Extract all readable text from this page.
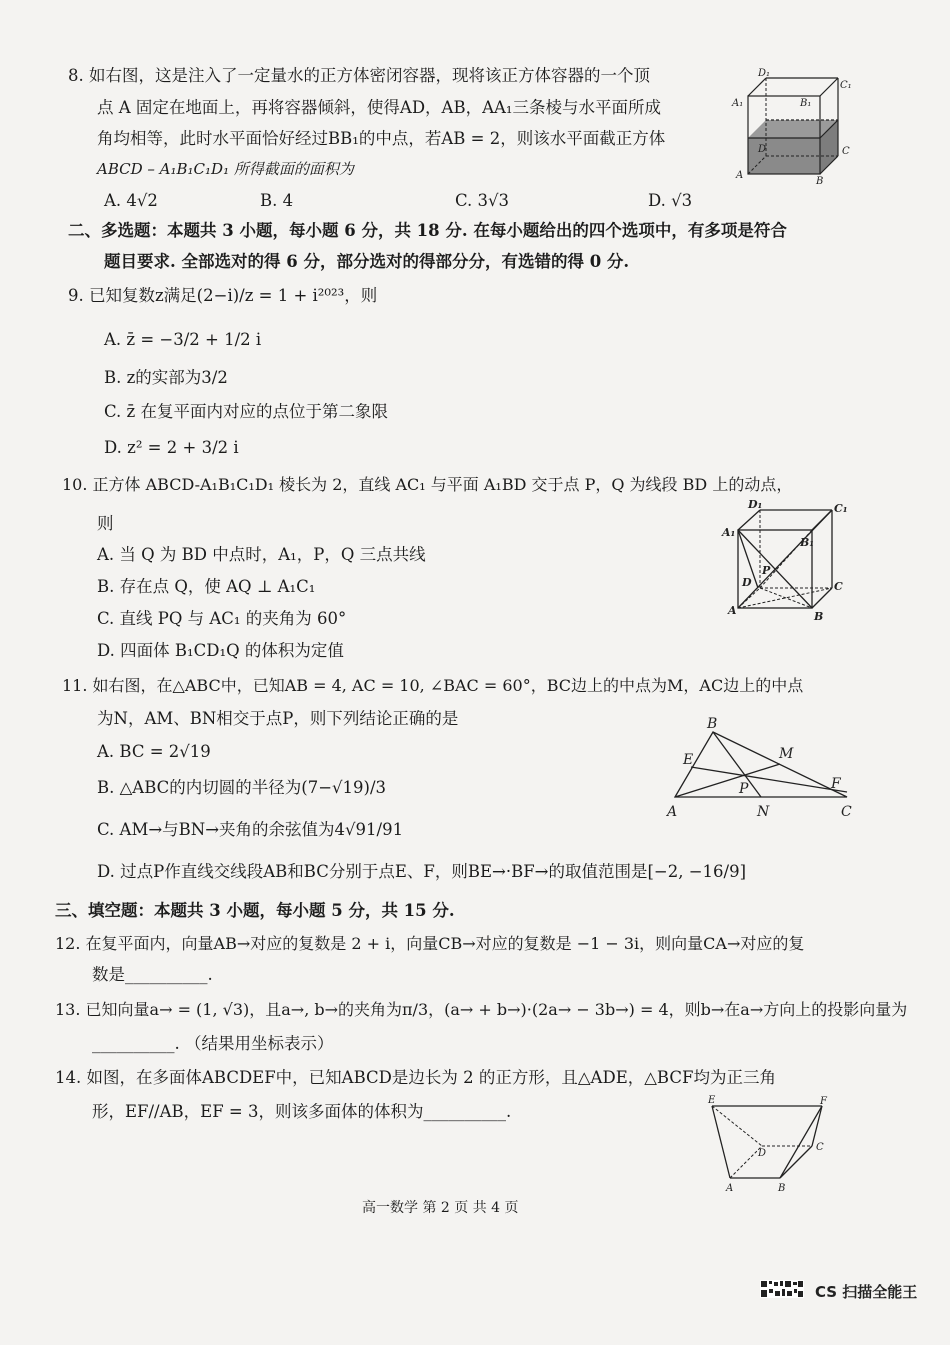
8. 如右图，这是注入了一定量水的正方体密闭容器，现将该正方体容器的一个顶
点 A 固定在地面上，再将容器倾斜，使得AD，AB，AA₁三条棱与水平面所成
角均相等，此时水平面恰好经过BB₁的中点，若AB = 2，则该水平面截正方体
ABCD – A₁B₁C₁D₁ 所得截面的面积为
A. 4√2	B. 4	C. 3√3	D. √3
D₁
C₁
A₁	B₁
D	C
A
B
二、多选题：本题共 3 小题，每小题 6 分，共 18 分. 在每小题给出的四个选项中，有多项是符合
题目要求. 全部选对的得 6 分，部分选对的得部分分，有选错的得 0 分.
9. 已知复数z满足(2−i)/z = 1 + i²⁰²³，则
A. z̄ = −3/2 + 1/2 i
B. z的实部为3/2
C. z̄ 在复平面内对应的点位于第二象限
D. z² = 2 + 3/2 i
10. 正方体 ABCD-A₁B₁C₁D₁ 棱长为 2，直线 AC₁ 与平面 A₁BD 交于点 P，Q 为线段 BD 上的动点，
则
A. 当 Q 为 BD 中点时，A₁，P，Q 三点共线
B. 存在点 Q，使 AQ ⊥ A₁C₁
C. 直线 PQ 与 AC₁ 的夹角为 60°
D. 四面体 B₁CD₁Q 的体积为定值
D₁	C₁
A₁
B₁
D
P
C
A	B
11. 如右图，在△ABC中，已知AB = 4, AC = 10, ∠BAC = 60°，BC边上的中点为M，AC边上的中点
为N，AM、BN相交于点P，则下列结论正确的是
A. BC = 2√19
B. △ABC的内切圆的半径为(7−√19)/3
C. AM→与BN→夹角的余弦值为4√91/91
D. 过点P作直线交线段AB和BC分别于点E、F，则BE→·BF→的取值范围是[−2, −16/9]
B
E	M
F
P
A	N	C
三、填空题：本题共 3 小题，每小题 5 分，共 15 分.
12. 在复平面内，向量AB→对应的复数是 2 + i，向量CB→对应的复数是 −1 − 3i，则向量CA→对应的复
数是__________.
13. 已知向量a→ = (1, √3)，且a→, b→的夹角为π/3，(a→ + b→)·(2a→ − 3b→) = 4，则b→在a→方向上的投影向量为
__________. （结果用坐标表示）
14. 如图，在多面体ABCDEF中，已知ABCD是边长为 2 的正方形，且△ADE，△BCF均为正三角
形，EF//AB，EF = 3，则该多面体的体积为__________.
E	F
D
C
A	B
高一数学 第 2 页 共 4 页
CS 扫描全能王
